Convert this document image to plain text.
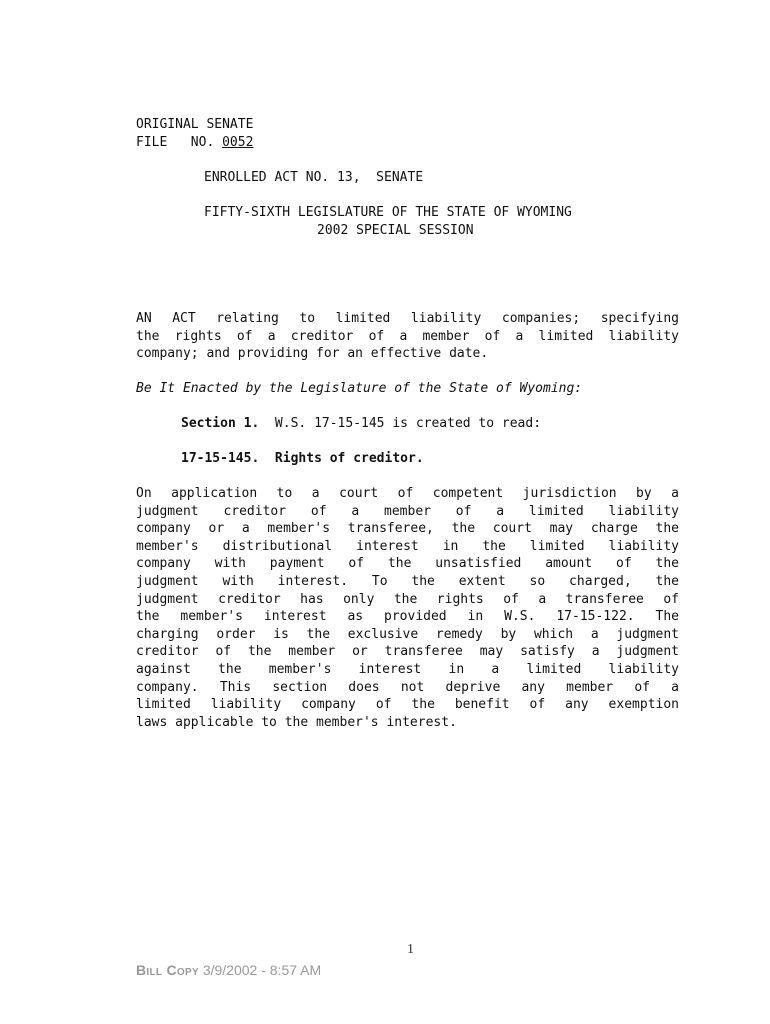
ORIGINAL SENATE
FILE   NO. 0052
ENROLLED ACT NO. 13,  SENATE
FIFTY-SIXTH LEGISLATURE OF THE STATE OF WYOMING
2002 SPECIAL SESSION
AN ACT relating to limited liability companies; specifying
the rights of a creditor of a member of a limited liability
company; and providing for an effective date.
Be It Enacted by the Legislature of the State of Wyoming:
Section 1.  W.S. 17-15-145 is created to read:
17-15-145.  Rights of creditor.
On application to a court of competent jurisdiction by a
judgment creditor of a member of a limited liability
company or a member's transferee, the court may charge the
member's distributional interest in the limited liability
company with payment of the unsatisfied amount of the
judgment with interest. To the extent so charged, the
judgment creditor has only the rights of a transferee of
the member's interest as provided in W.S. 17-15-122. The
charging order is the exclusive remedy by which a judgment
creditor of the member or transferee may satisfy a judgment
against the member's interest in a limited liability
company. This section does not deprive any member of a
limited liability company of the benefit of any exemption
laws applicable to the member's interest.
1
Bill Copy 3/9/2002 - 8:57 AM
